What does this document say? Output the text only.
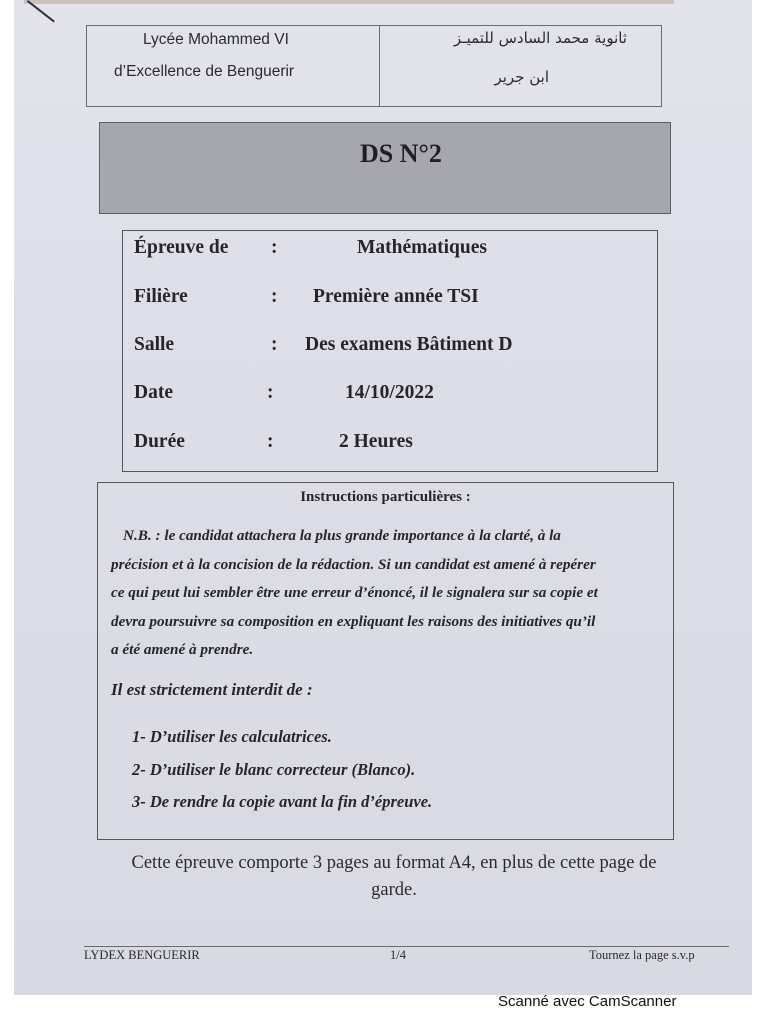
Lycée Mohammed VI
d’Excellence de Benguerir
ثانوية محمد السادس للتميـز
ابن جرير
DS N°2
Épreuve de :	Mathématiques
Filière	: Première année TSI
Salle	: Des examens Bâtiment D
Date	:	14/10/2022
Durée	:	2 Heures
Instructions particulières :
N.B. : le candidat attachera la plus grande importance à la clarté, à la
précision et à la concision de la rédaction. Si un candidat est amené à repérer
ce qui peut lui sembler être une erreur d’énoncé, il le signalera sur sa copie et
devra poursuivre sa composition en expliquant les raisons des initiatives qu’il
a été amené à prendre.
Il est strictement interdit de :
1- D’utiliser les calculatrices.
2- D’utiliser le blanc correcteur (Blanco).
3- De rendre la copie avant la fin d’épreuve.
Cette épreuve comporte 3 pages au format A4, en plus de cette page de
garde.
LYDEX BENGUERIR	1/4	Tournez la page s.v.p
Scanné avec CamScanner
